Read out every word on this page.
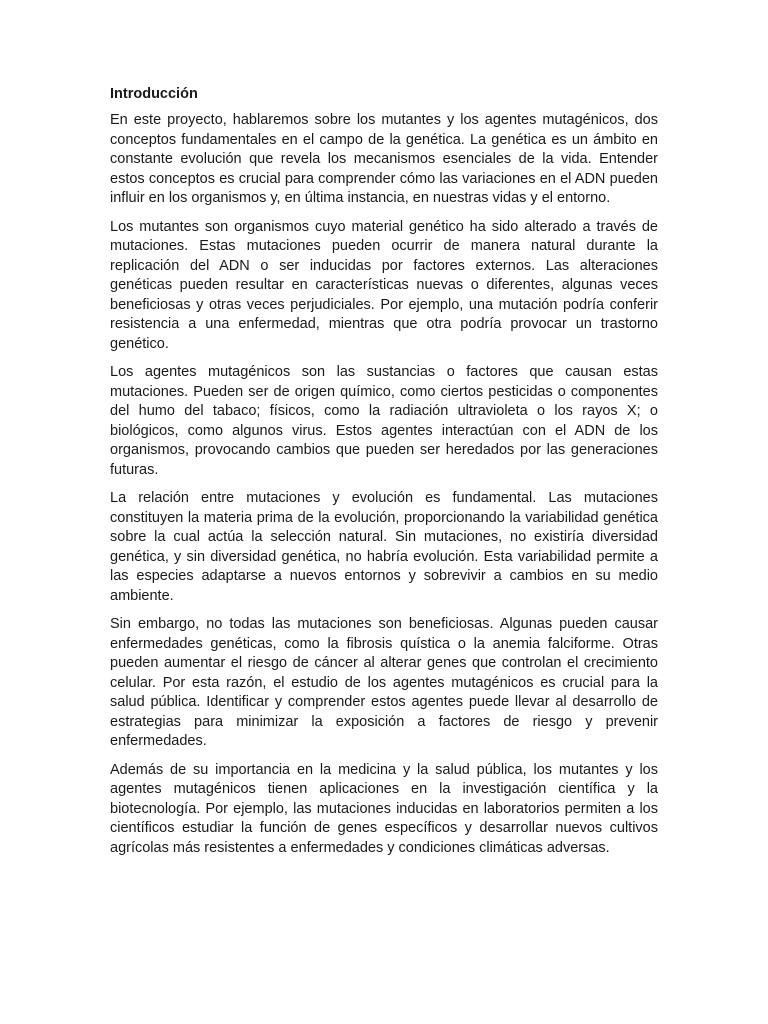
Introducción

En este proyecto, hablaremos sobre los mutantes y los agentes mutagénicos, dos conceptos fundamentales en el campo de la genética. La genética es un ámbito en constante evolución que revela los mecanismos esenciales de la vida. Entender estos conceptos es crucial para comprender cómo las variaciones en el ADN pueden influir en los organismos y, en última instancia, en nuestras vidas y el entorno.

Los mutantes son organismos cuyo material genético ha sido alterado a través de mutaciones. Estas mutaciones pueden ocurrir de manera natural durante la replicación del ADN o ser inducidas por factores externos. Las alteraciones genéticas pueden resultar en características nuevas o diferentes, algunas veces beneficiosas y otras veces perjudiciales. Por ejemplo, una mutación podría conferir resistencia a una enfermedad, mientras que otra podría provocar un trastorno genético.

Los agentes mutagénicos son las sustancias o factores que causan estas mutaciones. Pueden ser de origen químico, como ciertos pesticidas o componentes del humo del tabaco; físicos, como la radiación ultravioleta o los rayos X; o biológicos, como algunos virus. Estos agentes interactúan con el ADN de los organismos, provocando cambios que pueden ser heredados por las generaciones futuras.

La relación entre mutaciones y evolución es fundamental. Las mutaciones constituyen la materia prima de la evolución, proporcionando la variabilidad genética sobre la cual actúa la selección natural. Sin mutaciones, no existiría diversidad genética, y sin diversidad genética, no habría evolución. Esta variabilidad permite a las especies adaptarse a nuevos entornos y sobrevivir a cambios en su medio ambiente.

Sin embargo, no todas las mutaciones son beneficiosas. Algunas pueden causar enfermedades genéticas, como la fibrosis quística o la anemia falciforme. Otras pueden aumentar el riesgo de cáncer al alterar genes que controlan el crecimiento celular. Por esta razón, el estudio de los agentes mutagénicos es crucial para la salud pública. Identificar y comprender estos agentes puede llevar al desarrollo de estrategias para minimizar la exposición a factores de riesgo y prevenir enfermedades.

Además de su importancia en la medicina y la salud pública, los mutantes y los agentes mutagénicos tienen aplicaciones en la investigación científica y la biotecnología. Por ejemplo, las mutaciones inducidas en laboratorios permiten a los científicos estudiar la función de genes específicos y desarrollar nuevos cultivos agrícolas más resistentes a enfermedades y condiciones climáticas adversas.
